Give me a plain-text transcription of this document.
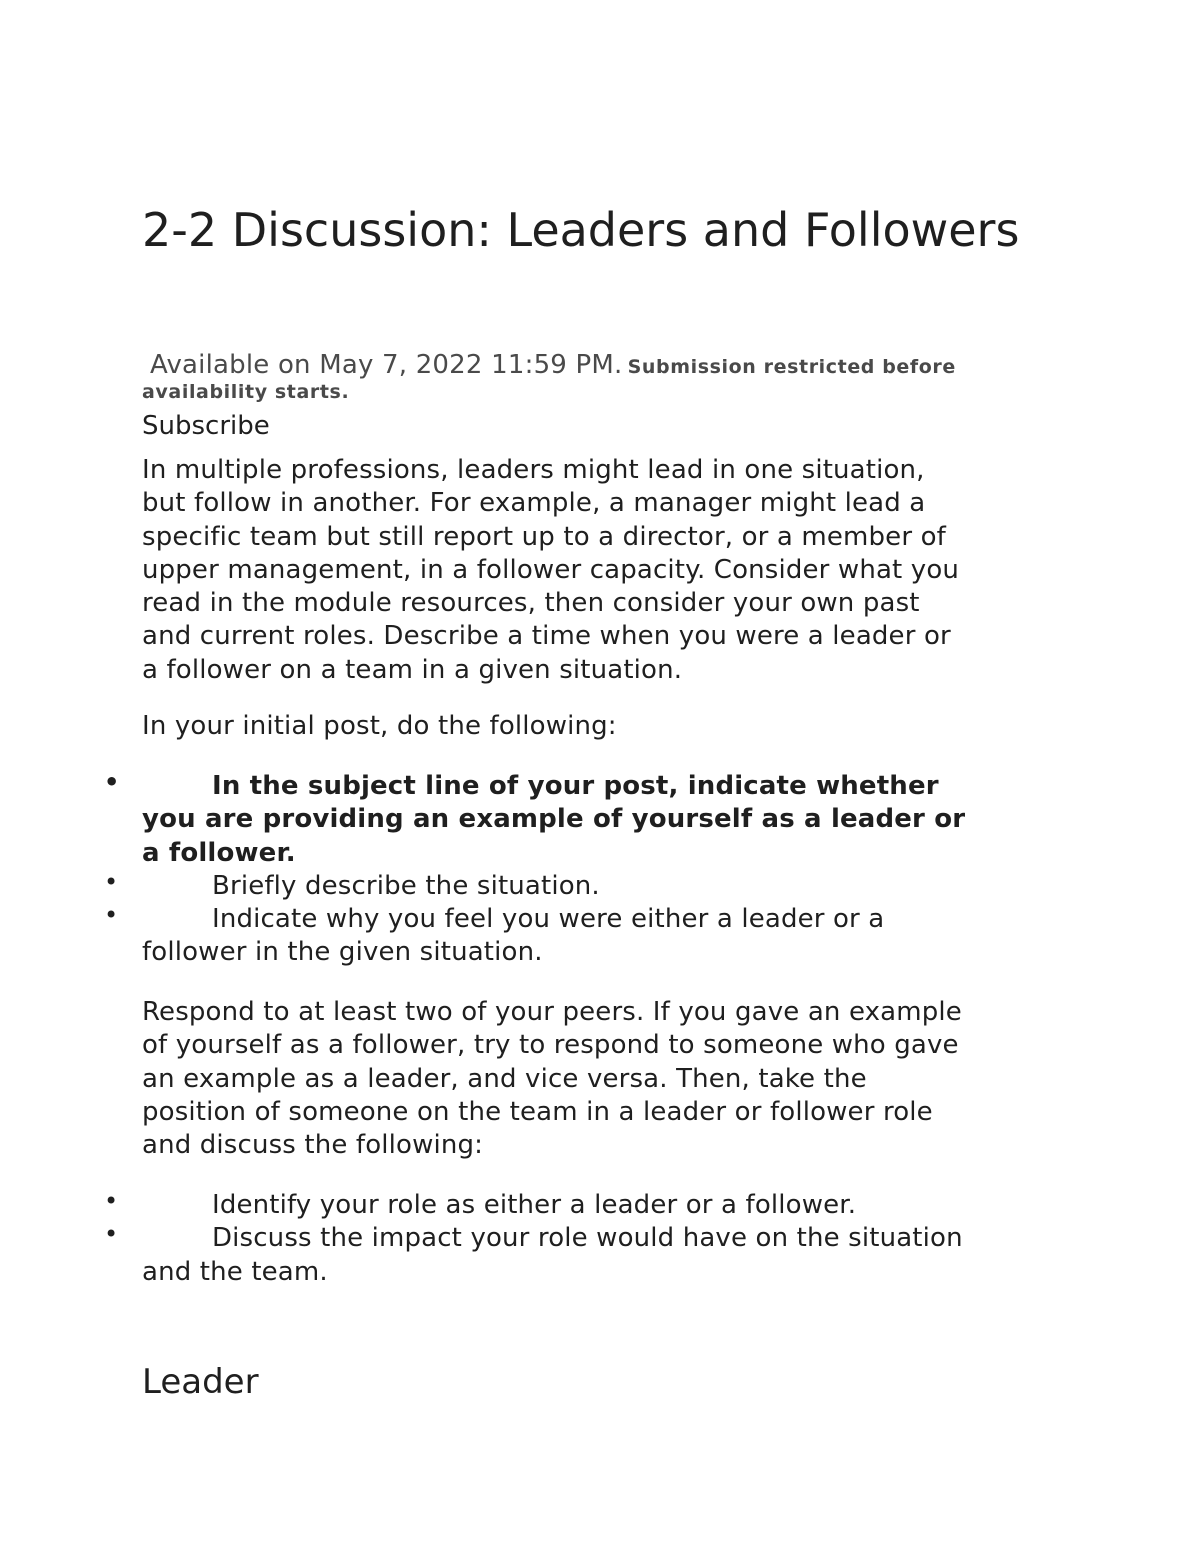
2-2 Discussion: Leaders and Followers
Available on May 7, 2022 11:59 PM. Submission restricted before
availability starts.
Subscribe
In multiple professions, leaders might lead in one situation,
but follow in another. For example, a manager might lead a
specific team but still report up to a director, or a member of
upper management, in a follower capacity. Consider what you
read in the module resources, then consider your own past
and current roles. Describe a time when you were a leader or
a follower on a team in a given situation.
In your initial post, do the following:
•	In the subject line of your post, indicate whether
you are providing an example of yourself as a leader or
a follower.
•	Briefly describe the situation.
•	Indicate why you feel you were either a leader or a
follower in the given situation.
Respond to at least two of your peers. If you gave an example
of yourself as a follower, try to respond to someone who gave
an example as a leader, and vice versa. Then, take the
position of someone on the team in a leader or follower role
and discuss the following:
•	Identify your role as either a leader or a follower.
•	Discuss the impact your role would have on the situation
and the team.
Leader
